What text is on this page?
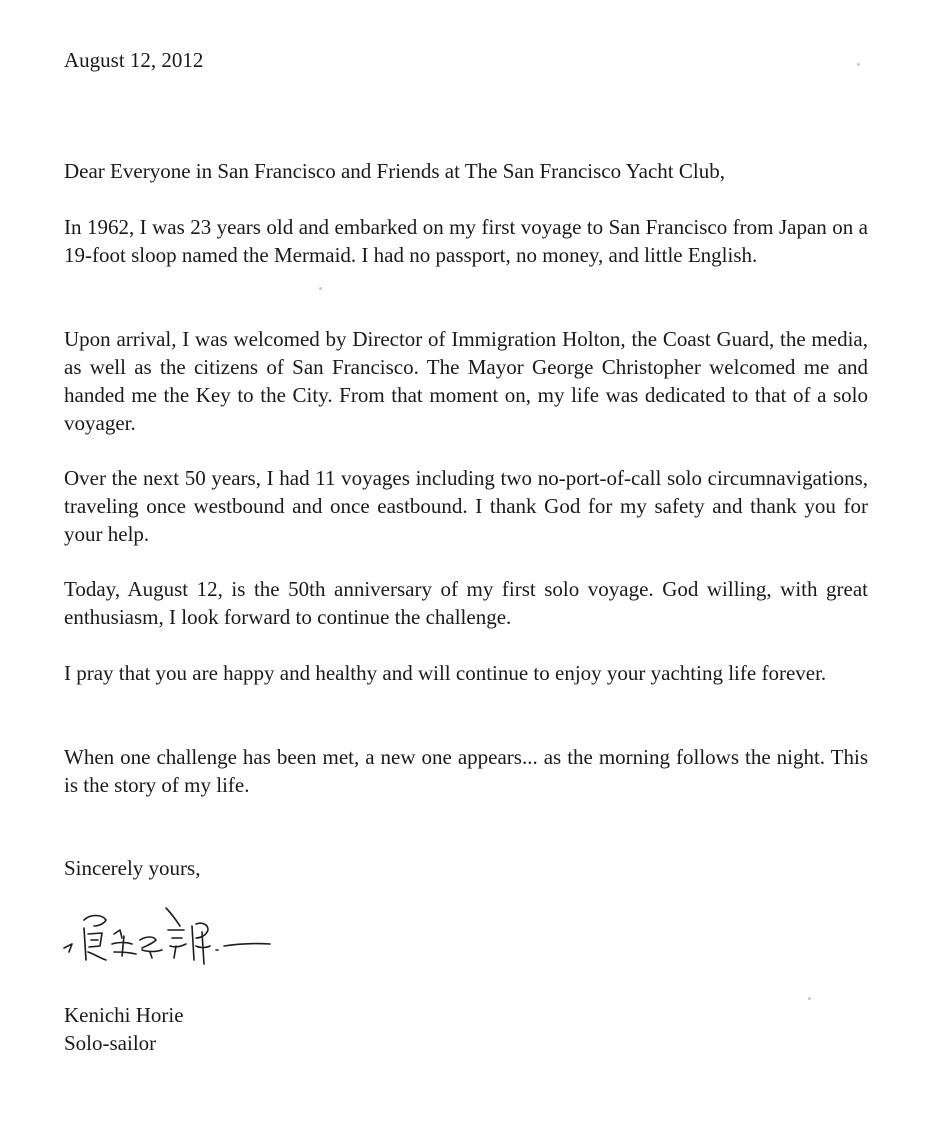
August 12, 2012

Dear Everyone in San Francisco and Friends at The San Francisco Yacht Club,

In 1962, I was 23 years old and embarked on my first voyage to San Francisco from Japan on a 19-foot sloop named the Mermaid. I had no passport, no money, and little English.

Upon arrival, I was welcomed by Director of Immigration Holton, the Coast Guard, the media, as well as the citizens of San Francisco. The Mayor George Christopher welcomed me and handed me the Key to the City. From that moment on, my life was dedicated to that of a solo voyager.

Over the next 50 years, I had 11 voyages including two no-port-of-call solo circumnavigations, traveling once westbound and once eastbound. I thank God for my safety and thank you for your help.

Today, August 12, is the 50th anniversary of my first solo voyage. God willing, with great enthusiasm, I look forward to continue the challenge.

I pray that you are happy and healthy and will continue to enjoy your yachting life forever.

When one challenge has been met, a new one appears... as the morning follows the night. This is the story of my life.

Sincerely yours,

Kenichi Horie

Solo-sailor
